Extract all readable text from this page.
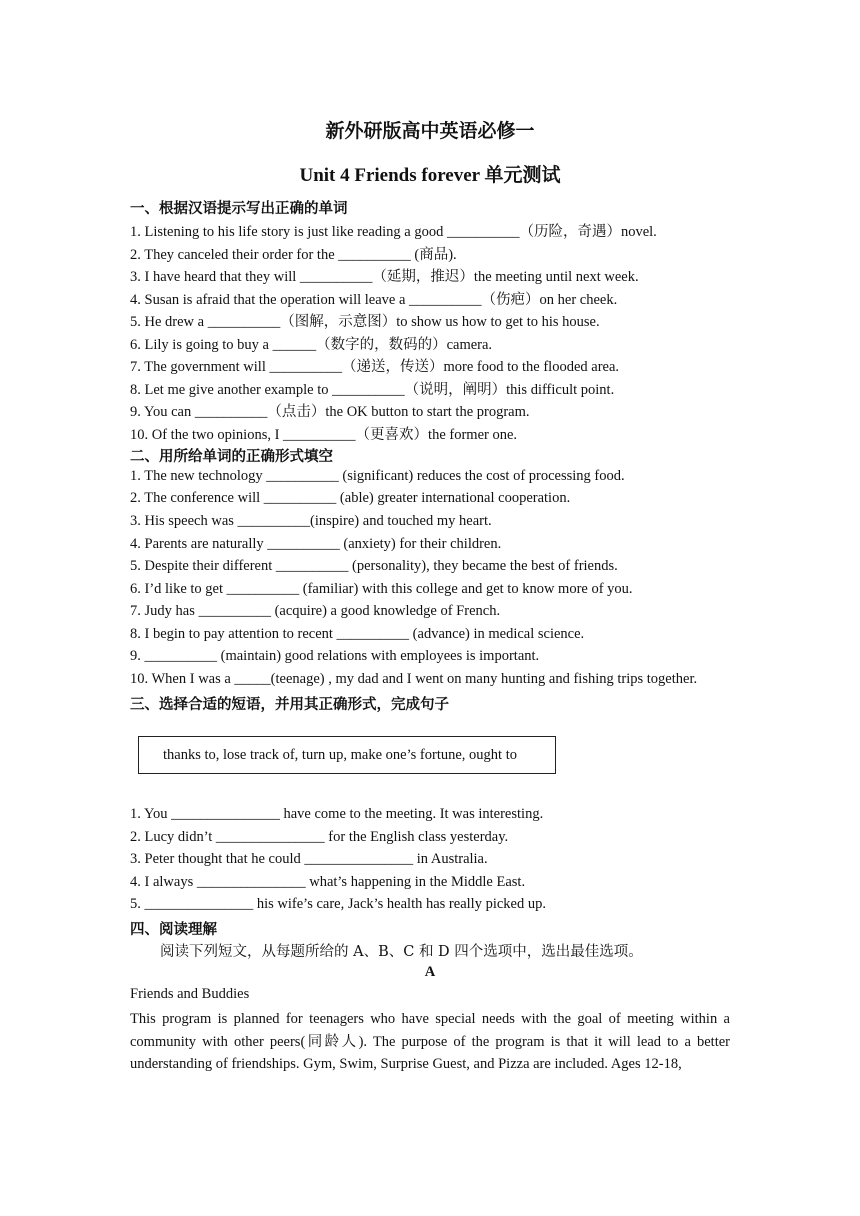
新外研版高中英语必修一
Unit 4 Friends forever 单元测试
一、根据汉语提示写出正确的单词
1. Listening to his life story is just like reading a good __________（历险，奇遇）novel.
2. They canceled their order for the __________ (商品).
3. I have heard that they will __________（延期，推迟）the meeting until next week.
4. Susan is afraid that the operation will leave a __________（伤疤）on her cheek.
5. He drew a __________（图解，示意图）to show us how to get to his house.
6. Lily is going to buy a ______（数字的，数码的）camera.
7. The government will __________（递送，传送）more food to the flooded area.
8. Let me give another example to __________（说明，阐明）this difficult point.
9. You can __________（点击）the OK button to start the program.
10. Of the two opinions, I __________（更喜欢）the former one.
二、用所给单词的正确形式填空
1. The new technology __________ (significant) reduces the cost of processing food.
2. The conference will __________ (able) greater international cooperation.
3. His speech was __________(inspire) and touched my heart.
4. Parents are naturally __________ (anxiety) for their children.
5. Despite their different __________ (personality), they became the best of friends.
6. I’d like to get __________ (familiar) with this college and get to know more of you.
7. Judy has __________ (acquire) a good knowledge of French.
8. I begin to pay attention to recent __________ (advance) in medical science.
9. __________ (maintain) good relations with employees is important.
10. When I was a _____(teenage) , my dad and I went on many hunting and fishing trips together.
三、选择合适的短语，并用其正确形式，完成句子
thanks to, lose track of, turn up, make one’s fortune, ought to
1. You _______________ have come to the meeting. It was interesting.
2. Lucy didn’t _______________ for the English class yesterday.
3. Peter thought that he could _______________ in Australia.
4. I always _______________ what’s happening in the Middle East.
5. _______________ his wife’s care, Jack’s health has really picked up.
四、阅读理解
阅读下列短文，从每题所给的 A、B、C 和 D 四个选项中，选出最佳选项。
A
Friends and Buddies
This program is planned for teenagers who have special needs with the goal of meeting within a community with other peers(同龄人). The purpose of the program is that it will lead to a better understanding of friendships. Gym, Swim, Surprise Guest, and Pizza are included. Ages 12-18,
